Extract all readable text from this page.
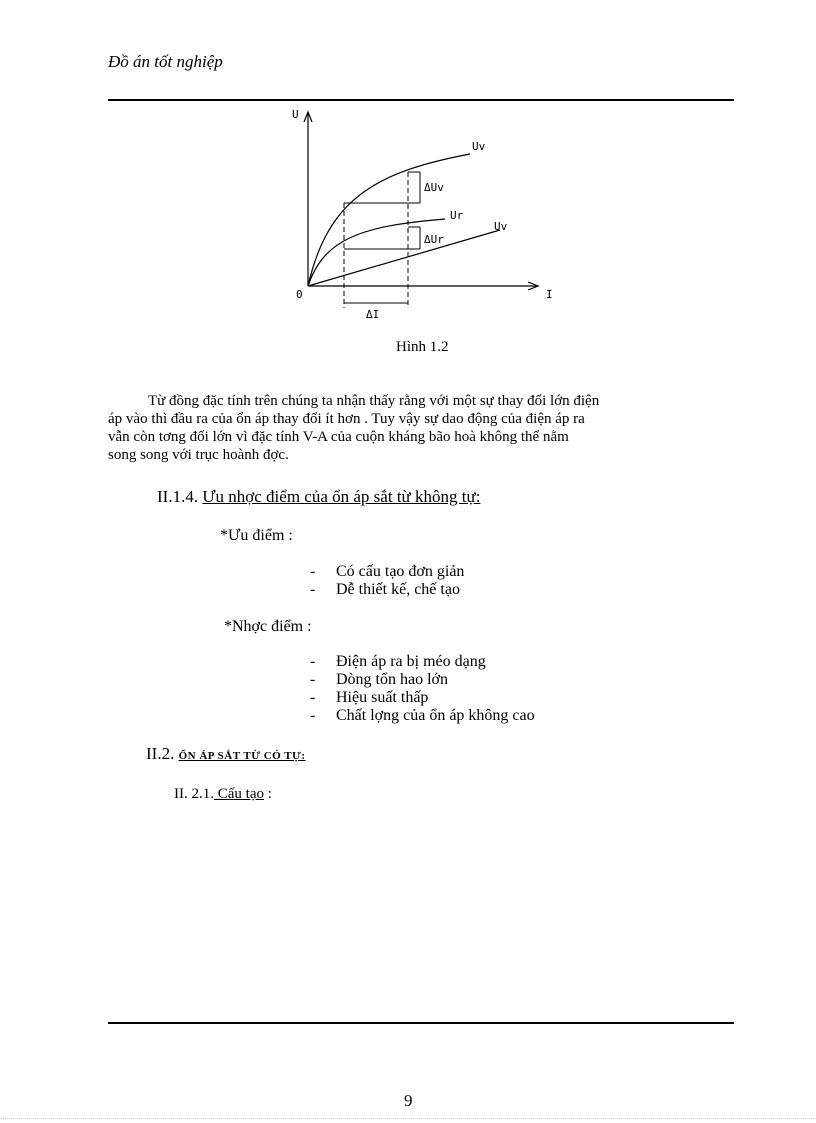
Đồ án tốt nghiệp
U
0	I
Uv
Ur
Uv
ΔUv
ΔUr
ΔI
Hình 1.2
Từ đồng đặc tính trên chúng ta nhận thấy rằng với một sự thay đổi lớn điện
áp vào thì đầu ra của ổn áp thay đổi ít hơn . Tuy vậy sự dao động của điện áp ra
vẫn còn tơng đối lớn vì đặc tính V-A của cuộn kháng bão hoà không thể nằm
song song với trục hoành đợc.
II.1.4. Ưu nhợc điểm của ổn áp sắt từ không tự:
*Ưu điểm :
-	Có cấu tạo đơn giản
-	Dễ thiết kế, chế tạo
*Nhợc điểm :
-	Điện áp ra bị méo dạng
-	Dòng tổn hao lớn
-	Hiệu suất thấp
-	Chất lợng của ổn áp không cao
II.2. ỔN ÁP SẮT TỪ CÓ TỰ:
II. 2.1. Cấu tạo :
9
